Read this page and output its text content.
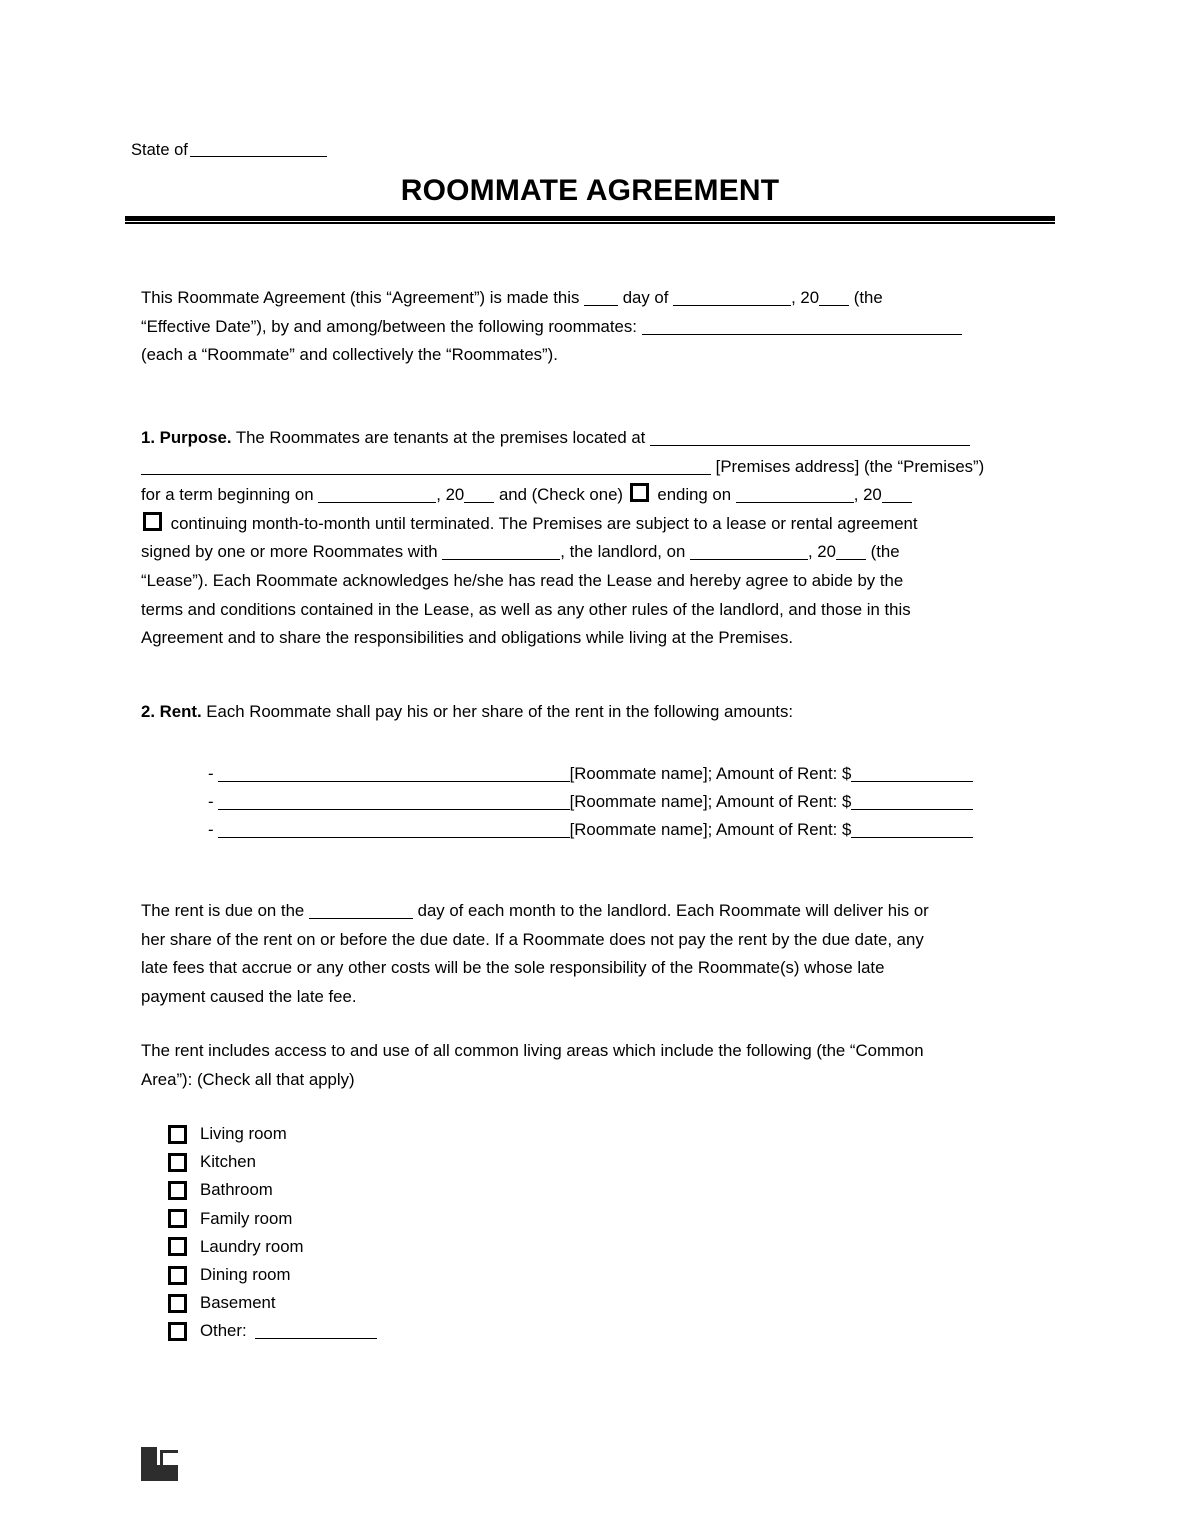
State of
ROOMMATE AGREEMENT

This Roommate Agreement (this “Agreement”) is made this	day of	, 20 (the

“Effective Date”), by and among/between the following roommates:

(each a “Roommate” and collectively the “Roommates”).

1. Purpose. The Roommates are tenants at the premises located at

[Premises address] (the “Premises”)

for a term beginning on	, 20 and (Check one) ending on	, 20

continuing month-to-month until terminated. The Premises are subject to a lease or rental agreement

signed by one or more Roommates with	, the landlord, on	, 20 (the

“Lease”). Each Roommate acknowledges he/she has read the Lease and hereby agree to abide by the

terms and conditions contained in the Lease, as well as any other rules of the landlord, and those in this

Agreement and to share the responsibilities and obligations while living at the Premises.

2. Rent. Each Roommate shall pay his or her share of the rent in the following amounts:

-	[Roommate name]; Amount of Rent: $
-	[Roommate name]; Amount of Rent: $
-	[Roommate name]; Amount of Rent: $

The rent is due on the	day of each month to the landlord. Each Roommate will deliver his or

her share of the rent on or before the due date. If a Roommate does not pay the rent by the due date, any

late fees that accrue or any other costs will be the sole responsibility of the Roommate(s) whose late

payment caused the late fee.

The rent includes access to and use of all common living areas which include the following (the “Common

Area”): (Check all that apply)

Living room
Kitchen
Bathroom
Family room
Laundry room
Dining room
Basement
Other:
